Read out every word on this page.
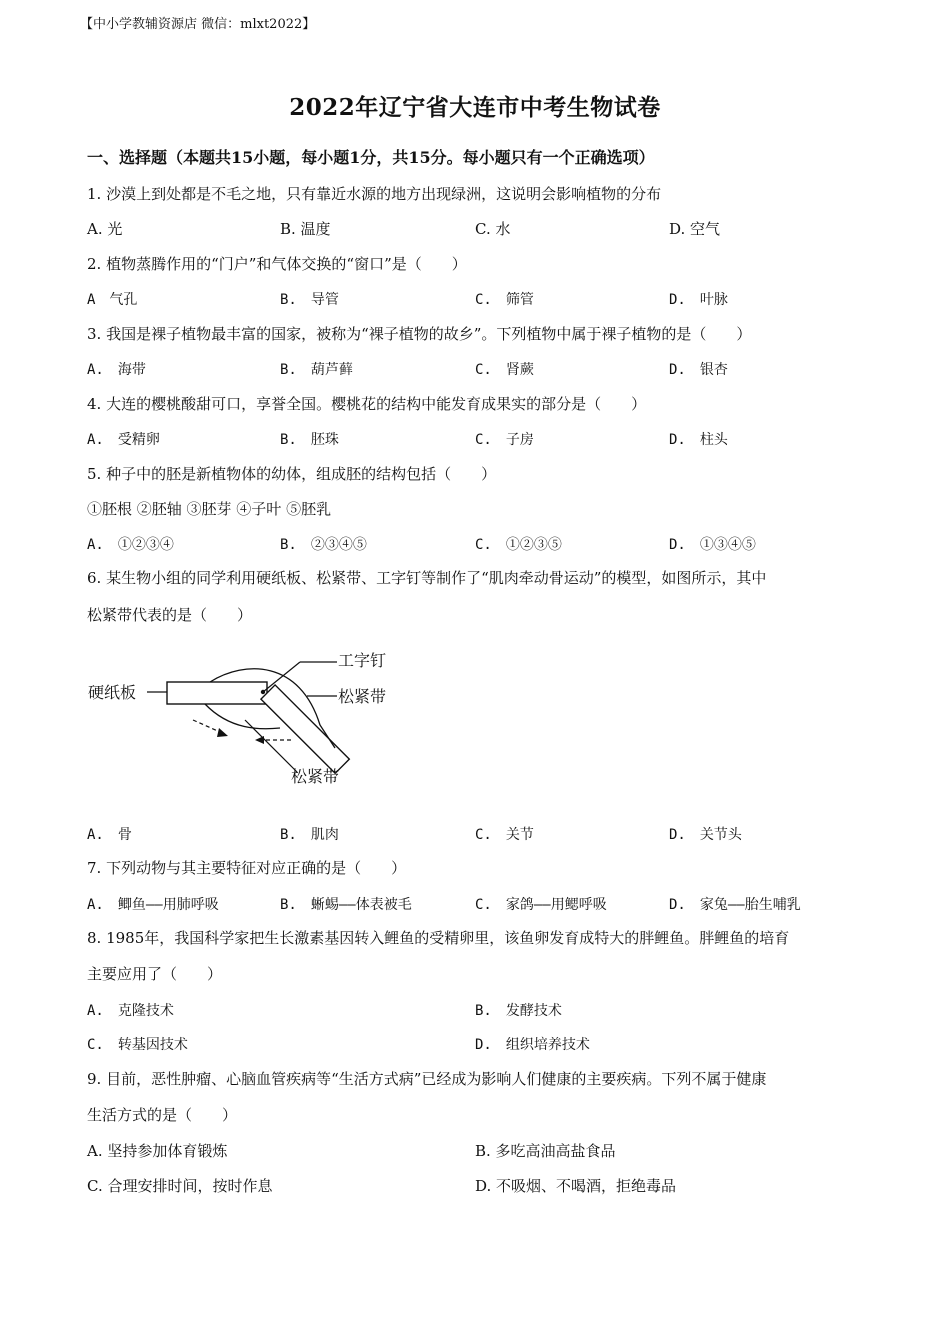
【中小学教辅资源店 微信：mlxt2022】
2022年辽宁省大连市中考生物试卷
一、选择题（本题共15小题，每小题1分，共15分。每小题只有一个正确选项）
1. 沙漠上到处都是不毛之地，只有靠近水源的地方出现绿洲，这说明会影响植物的分布
A. 光	B. 温度	C. 水	D. 空气
2. 植物蒸腾作用的“门户”和气体交换的“窗口”是（　　）
A　气孔	B.　导管	C.　筛管	D.　叶脉
3. 我国是裸子植物最丰富的国家，被称为“裸子植物的故乡”。下列植物中属于裸子植物的是（　　）
A.　海带	B.　葫芦藓	C.　肾蕨	D.　银杏
4. 大连的樱桃酸甜可口，享誉全国。樱桃花的结构中能发育成果实的部分是（　　）
A.　受精卵	B.　胚珠	C.　子房	D.　柱头
5. 种子中的胚是新植物体的幼体，组成胚的结构包括（　　）
①胚根 ②胚轴 ③胚芽 ④子叶 ⑤胚乳
A.　①②③④	B.　②③④⑤	C.　①②③⑤	D.　①③④⑤
6. 某生物小组的同学利用硬纸板、松紧带、工字钉等制作了“肌肉牵动骨运动”的模型，如图所示，其中
松紧带代表的是（　　）
硬纸板
工字钉
松紧带
松紧带
A.　骨	B.　肌肉	C.　关节	D.　关节头
7. 下列动物与其主要特征对应正确的是（　　）
A.　鲫鱼——用肺呼吸	B.　蜥蜴——体表被毛	C.　家鸽——用鳃呼吸	D.　家兔——胎生哺乳
8. 1985年，我国科学家把生长激素基因转入鲤鱼的受精卵里，该鱼卵发育成特大的胖鲤鱼。胖鲤鱼的培育
主要应用了（　　）
A.　克隆技术	B.　发酵技术
C.　转基因技术	D.　组织培养技术
9. 目前，恶性肿瘤、心脑血管疾病等“生活方式病”已经成为影响人们健康的主要疾病。下列不属于健康
生活方式的是（　　）
A. 坚持参加体育锻炼	B. 多吃高油高盐食品
C. 合理安排时间，按时作息	D. 不吸烟、不喝酒，拒绝毒品
